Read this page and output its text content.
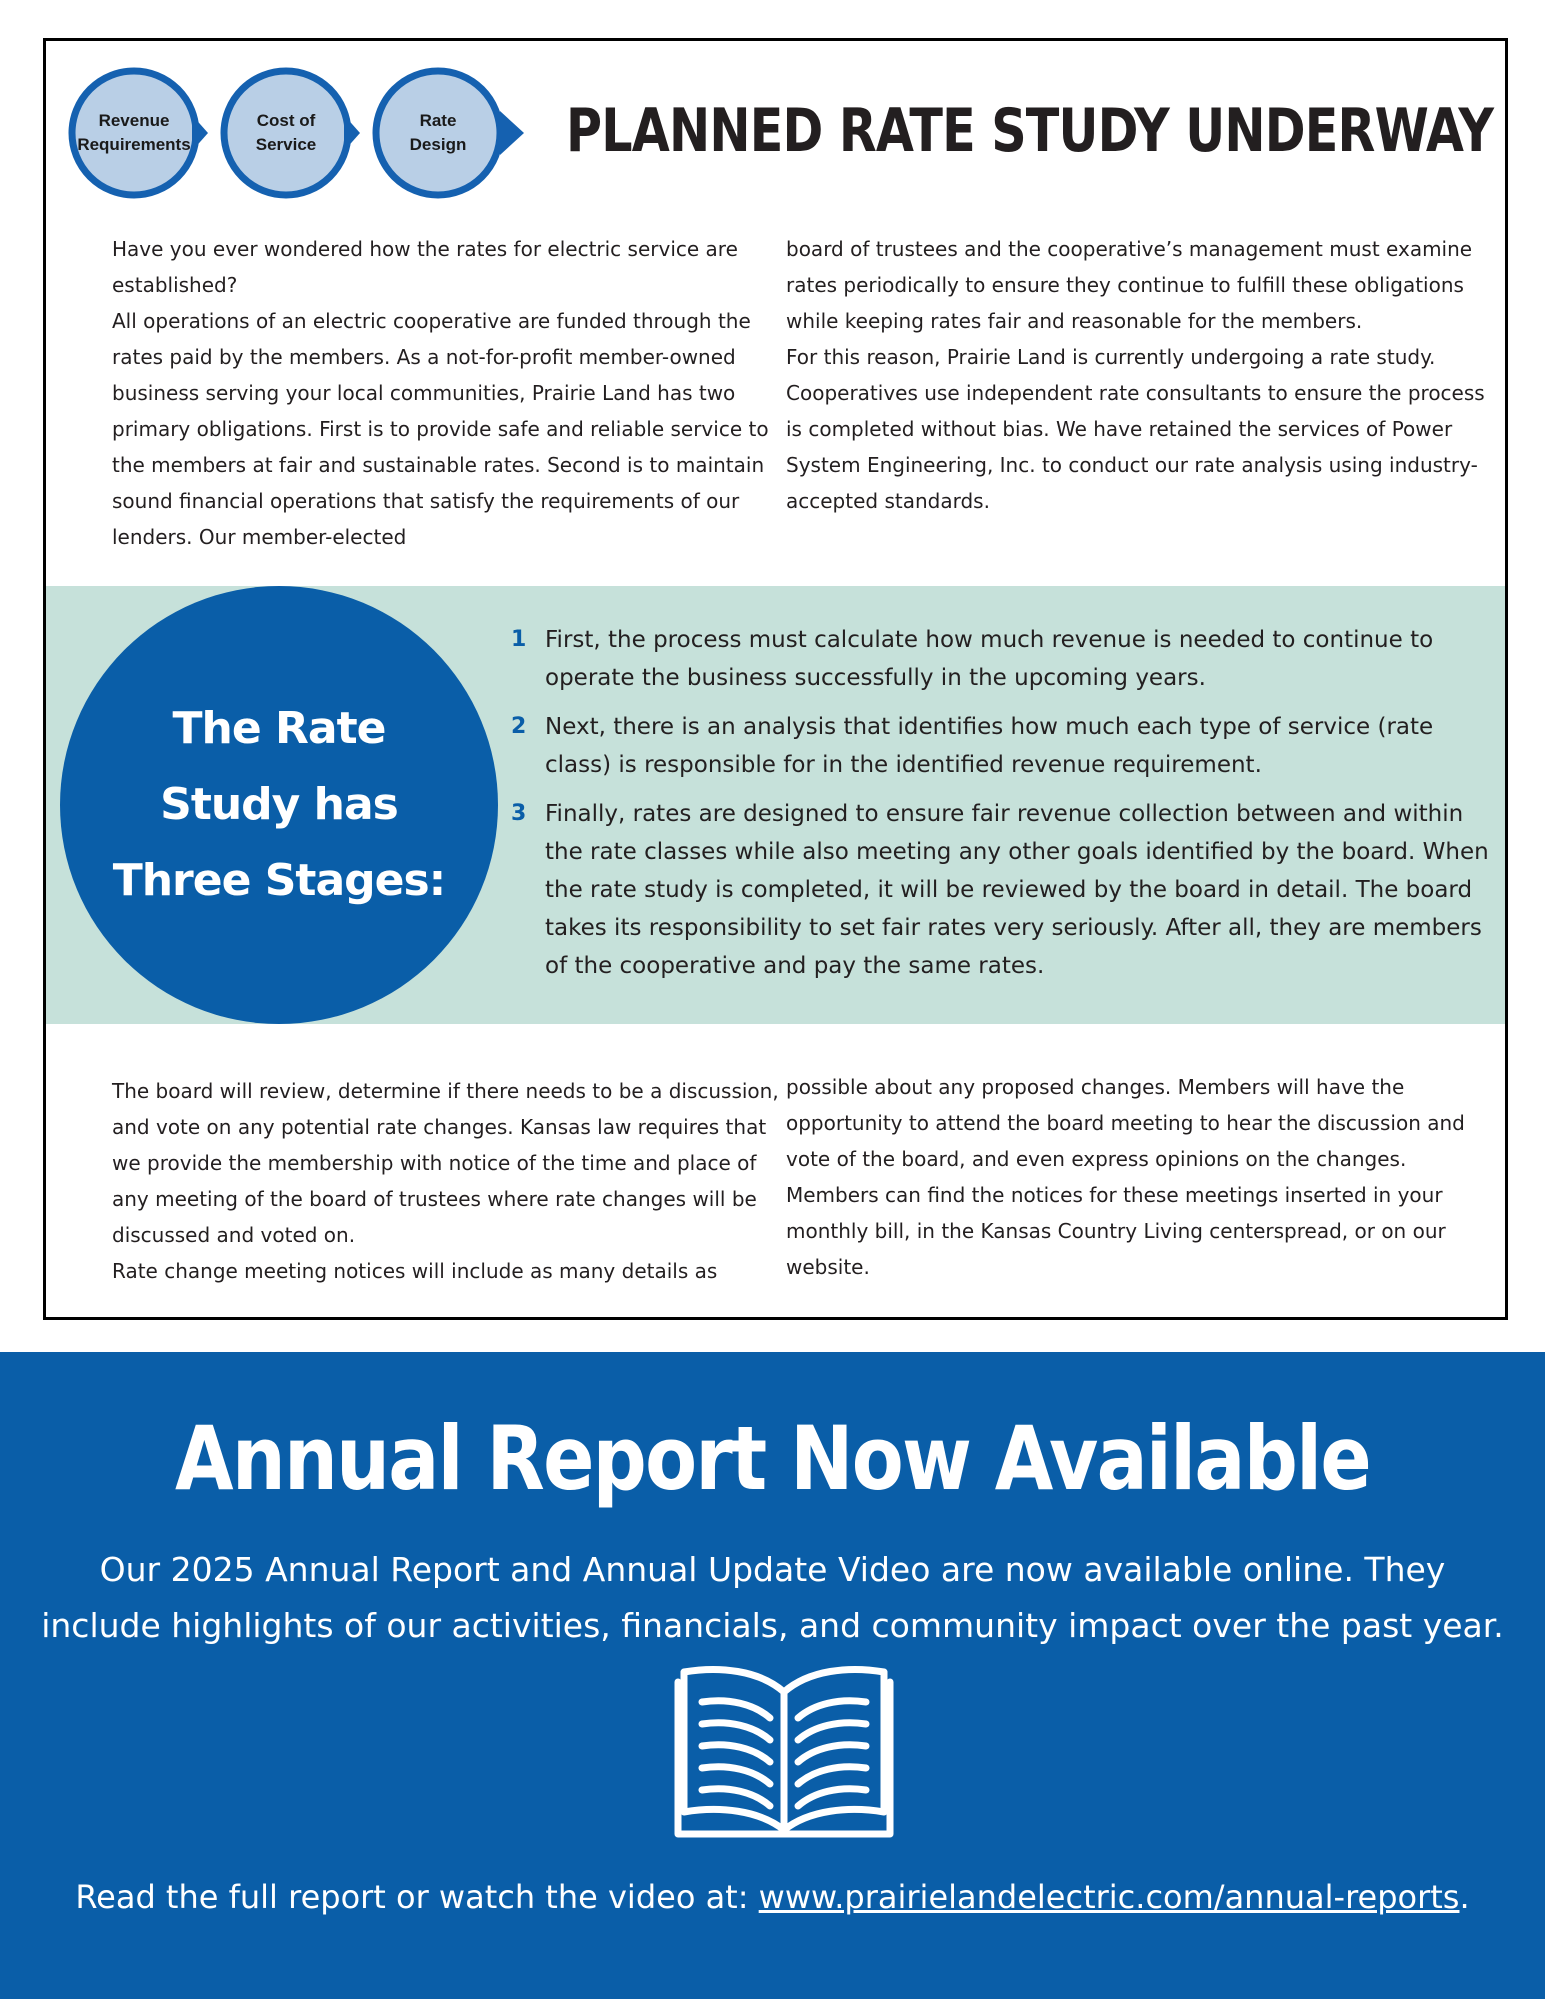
Revenue
Requirements
Cost of
Service
Rate
Design	PLANNED RATE STUDY UNDERWAY

Have you ever wondered how the rates for electric service are established?

All operations of an electric cooperative are funded through the rates paid by the members. As a not-for-profit member-owned business serving your local communities, Prairie Land has two primary obligations. First is to provide safe and reliable service to the members at fair and sustainable rates. Second is to maintain sound financial operations that satisfy the requirements of our lenders. Our member-elected

board of trustees and the cooperative’s management must examine rates periodically to ensure they continue to fulfill these obligations while keeping rates fair and reasonable for the members.

For this reason, Prairie Land is currently undergoing a rate study. Cooperatives use independent rate consultants to ensure the process is completed without bias. We have retained the services of Power System Engineering, Inc. to conduct our rate analysis using industry-accepted standards.

The Rate Study has Three Stages:
1 First, the process must calculate how much revenue is needed to continue to operate the business successfully in the upcoming years.
2 Next, there is an analysis that identifies how much each type of service (rate class) is responsible for in the identified revenue requirement.
3 Finally, rates are designed to ensure fair revenue collection between and within the rate classes while also meeting any other goals identified by the board. When the rate study is completed, it will be reviewed by the board in detail. The board takes its responsibility to set fair rates very seriously. After all, they are members of the cooperative and pay the same rates.

The board will review, determine if there needs to be a discussion, and vote on any potential rate changes. Kansas law requires that we provide the membership with notice of the time and place of any meeting of the board of trustees where rate changes will be discussed and voted on.

Rate change meeting notices will include as many details as

possible about any proposed changes. Members will have the opportunity to attend the board meeting to hear the discussion and vote of the board, and even express opinions on the changes. Members can find the notices for these meetings inserted in your monthly bill, in the Kansas Country Living centerspread, or on our website.

Annual Report Now Available

Our 2025 Annual Report and Annual Update Video are now available online. They include highlights of our activities, financials, and community impact over the past year.

Read the full report or watch the video at: www.prairielandelectric.com/annual-reports.
